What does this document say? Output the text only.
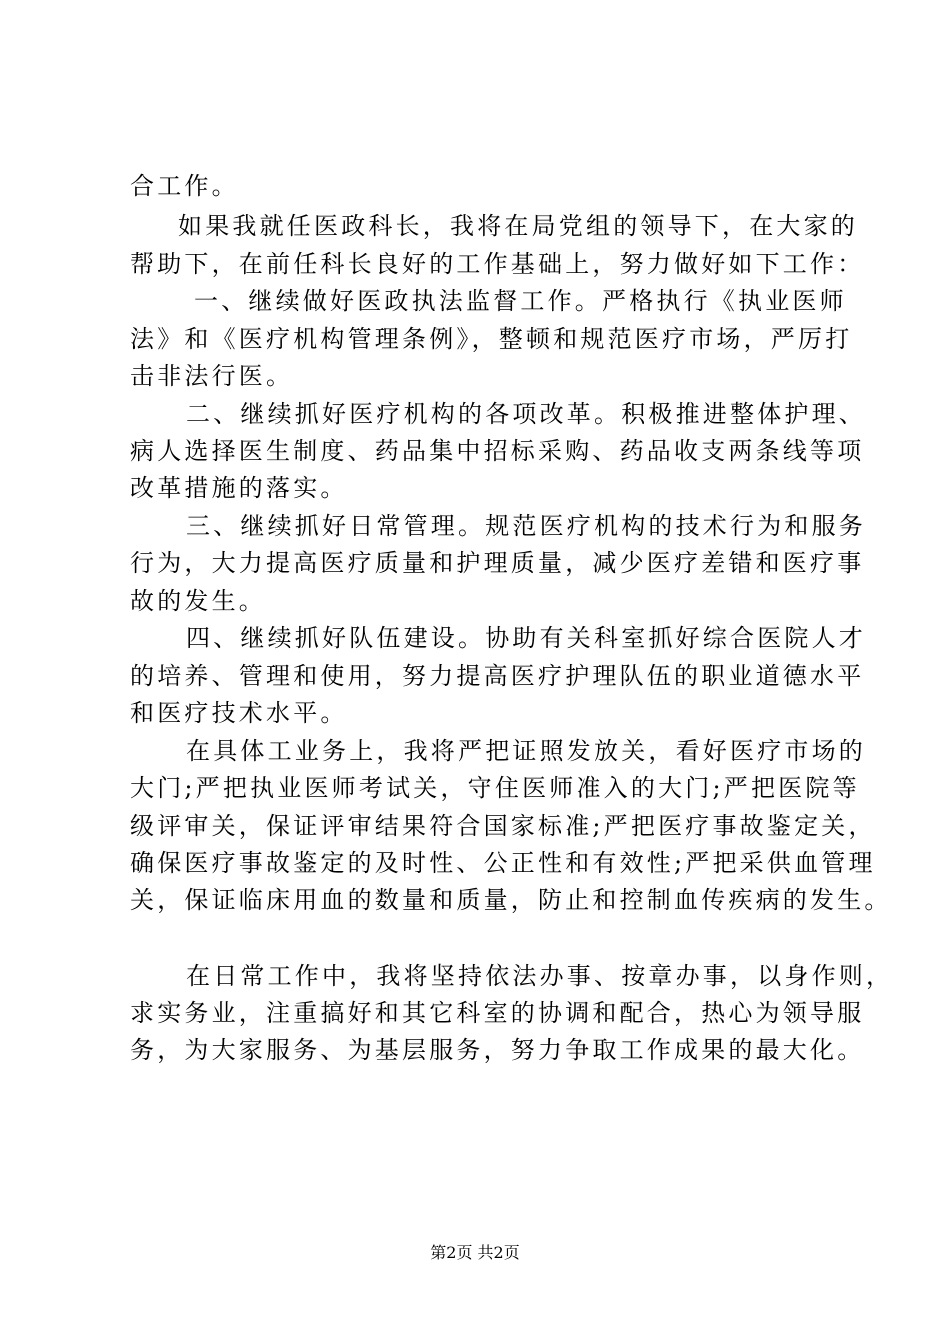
合工作。
如果我就任医政科长，我将在局党组的领导下，在大家的
帮助下，在前任科长良好的工作基础上，努力做好如下工作：
一、继续做好医政执法监督工作。严格执行《执业医师
法》和《医疗机构管理条例》，整顿和规范医疗市场，严厉打
击非法行医。
二、继续抓好医疗机构的各项改革。积极推进整体护理、
病人选择医生制度、药品集中招标采购、药品收支两条线等项
改革措施的落实。
三、继续抓好日常管理。规范医疗机构的技术行为和服务
行为，大力提高医疗质量和护理质量，减少医疗差错和医疗事
故的发生。
四、继续抓好队伍建设。协助有关科室抓好综合医院人才
的培养、管理和使用，努力提高医疗护理队伍的职业道德水平
和医疗技术水平。
在具体工业务上，我将严把证照发放关，看好医疗市场的
大门;严把执业医师考试关，守住医师准入的大门;严把医院等
级评审关，保证评审结果符合国家标准;严把医疗事故鉴定关，
确保医疗事故鉴定的及时性、公正性和有效性;严把采供血管理
关，保证临床用血的数量和质量，防止和控制血传疾病的发生。
在日常工作中，我将坚持依法办事、按章办事，以身作则，
求实务业，注重搞好和其它科室的协调和配合，热心为领导服
务，为大家服务、为基层服务，努力争取工作成果的最大化。
第2页 共2页
